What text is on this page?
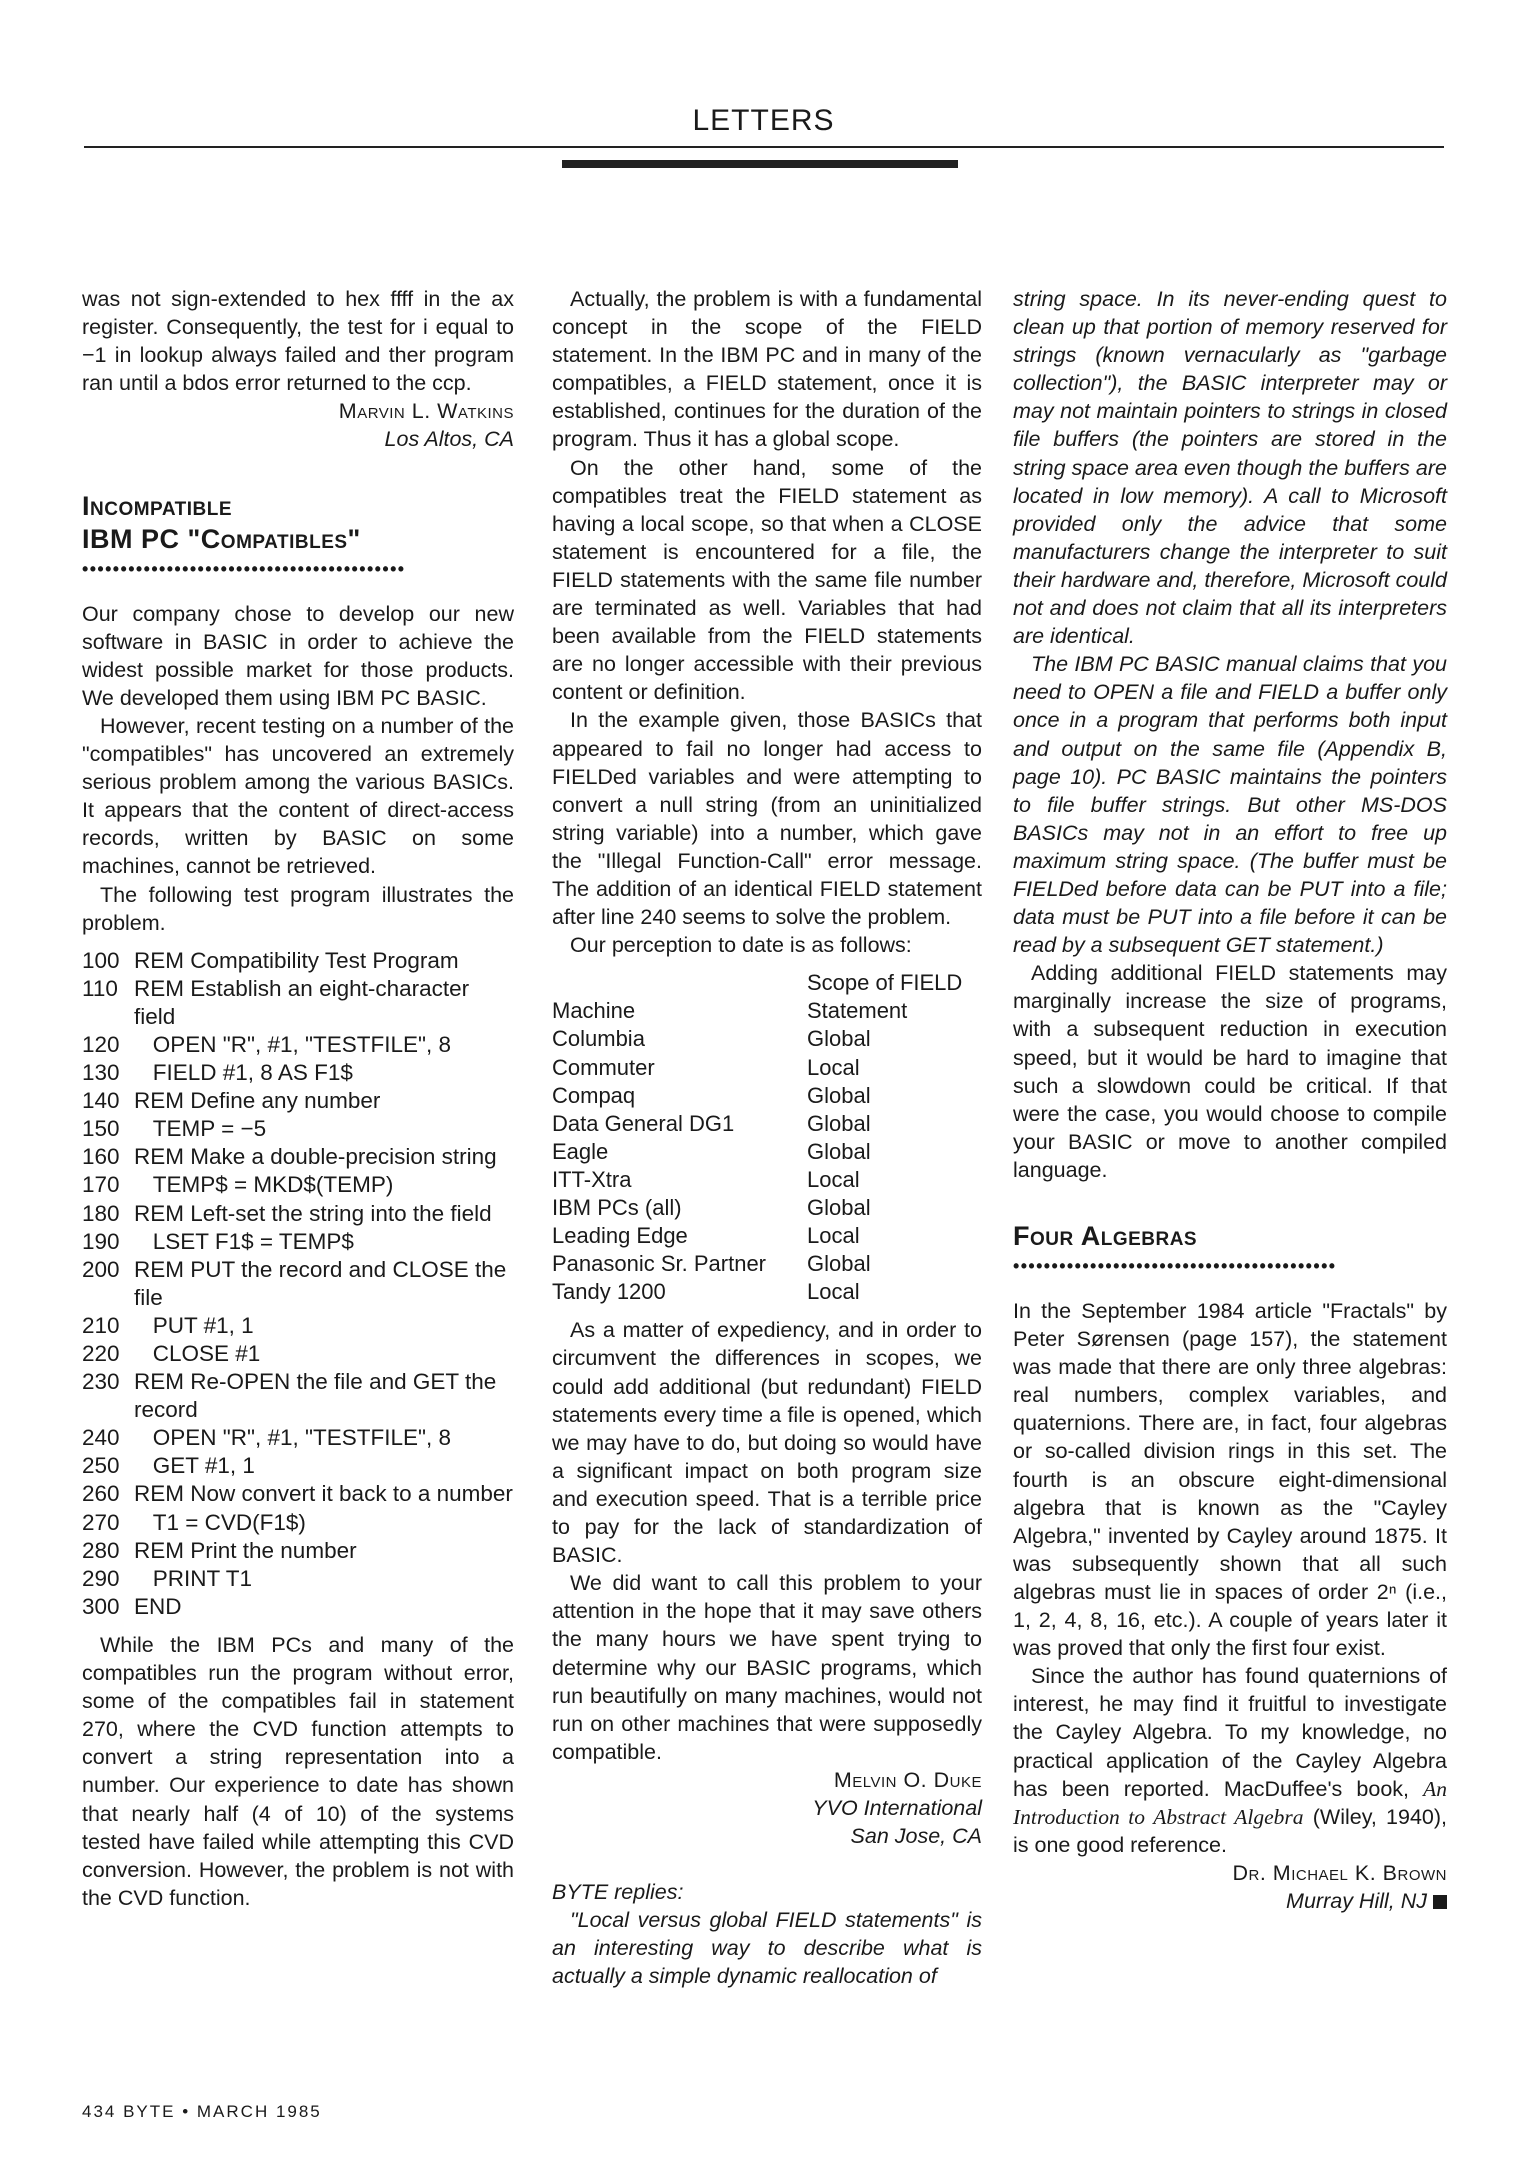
LETTERS

was not sign-extended to hex ffff in the ax register. Consequently, the test for i equal to −1 in lookup always failed and ther program ran until a bdos error returned to the ccp.

Marvin L. Watkins
Los Altos, CA
Incompatible
IBM PC "Compatibles"
••••••••••••••••••••••••••••••••••••••••••

Our company chose to develop our new software in BASIC in order to achieve the widest possible market for those products. We developed them using IBM PC BASIC.

However, recent testing on a number of the "compatibles" has uncovered an extremely serious problem among the various BASICs. It appears that the content of direct-access records, written by BASIC on some machines, cannot be retrieved.

The following test program illustrates the problem.

100 REM Compatibility Test Program
110 REM Establish an eight-character field
120 OPEN "R", #1, "TESTFILE", 8
130 FIELD #1, 8 AS F1$
140 REM Define any number
150 TEMP = −5
160 REM Make a double-precision string
170 TEMP$ = MKD$(TEMP)
180 REM Left-set the string into the field
190 LSET F1$ = TEMP$
200 REM PUT the record and CLOSE the file
210 PUT #1, 1
220 CLOSE #1
230 REM Re-OPEN the file and GET the record
240 OPEN "R", #1, "TESTFILE", 8
250 GET #1, 1
260 REM Now convert it back to a number
270 T1 = CVD(F1$)
280 REM Print the number
290 PRINT T1
300 END

While the IBM PCs and many of the compatibles run the program without error, some of the compatibles fail in statement 270, where the CVD function attempts to convert a string representation into a number. Our experience to date has shown that nearly half (4 of 10) of the systems tested have failed while attempting this CVD conversion. However, the problem is not with the CVD function.

Actually, the problem is with a fundamental concept in the scope of the FIELD statement. In the IBM PC and in many of the compatibles, a FIELD statement, once it is established, continues for the duration of the program. Thus it has a global scope.

On the other hand, some of the compatibles treat the FIELD statement as having a local scope, so that when a CLOSE statement is encountered for a file, the FIELD statements with the same file number are terminated as well. Variables that had been available from the FIELD statements are no longer accessible with their previous content or definition.

In the example given, those BASICs that appeared to fail no longer had access to FIELDed variables and were attempting to convert a null string (from an uninitialized string variable) into a number, which gave the "Illegal Function-Call" error message. The addition of an identical FIELD statement after line 240 seems to solve the problem.

Our perception to date is as follows:

Machine	Scope of FIELD
Statement

Columbia	Global
Commuter	Local
Compaq	Global
Data General DG1	Global
Eagle	Global
ITT-Xtra	Local
IBM PCs (all)	Global
Leading Edge	Local
Panasonic Sr. Partner	Global
Tandy 1200	Local

As a matter of expediency, and in order to circumvent the differences in scopes, we could add additional (but redundant) FIELD statements every time a file is opened, which we may have to do, but doing so would have a significant impact on both program size and execution speed. That is a terrible price to pay for the lack of standardization of BASIC.

We did want to call this problem to your attention in the hope that it may save others the many hours we have spent trying to determine why our BASIC programs, which run beautifully on many machines, would not run on other machines that were supposedly compatible.

Melvin O. Duke
YVO International
San Jose, CA

BYTE replies:

"Local versus global FIELD statements" is an interesting way to describe what is actually a simple dynamic reallocation of

string space. In its never-ending quest to clean up that portion of memory reserved for strings (known vernacularly as "garbage collection"), the BASIC interpreter may or may not maintain pointers to strings in closed file buffers (the pointers are stored in the string space area even though the buffers are located in low memory). A call to Microsoft provided only the advice that some manufacturers change the interpreter to suit their hardware and, therefore, Microsoft could not and does not claim that all its interpreters are identical.

The IBM PC BASIC manual claims that you need to OPEN a file and FIELD a buffer only once in a program that performs both input and output on the same file (Appendix B, page 10). PC BASIC maintains the pointers to file buffer strings. But other MS-DOS BASICs may not in an effort to free up maximum string space. (The buffer must be FIELDed before data can be PUT into a file; data must be PUT into a file before it can be read by a subsequent GET statement.)

Adding additional FIELD statements may marginally increase the size of programs, with a subsequent reduction in execution speed, but it would be hard to imagine that such a slowdown could be critical. If that were the case, you would choose to compile your BASIC or move to another compiled language.

Four Algebras
••••••••••••••••••••••••••••••••••••••••••

In the September 1984 article "Fractals" by Peter Sørensen (page 157), the statement was made that there are only three algebras: real numbers, complex variables, and quaternions. There are, in fact, four algebras or so-called division rings in this set. The fourth is an obscure eight-dimensional algebra that is known as the "Cayley Algebra," invented by Cayley around 1875. It was subsequently shown that all such algebras must lie in spaces of order 2ⁿ (i.e., 1, 2, 4, 8, 16, etc.). A couple of years later it was proved that only the first four exist.

Since the author has found quaternions of interest, he may find it fruitful to investigate the Cayley Algebra. To my knowledge, no practical application of the Cayley Algebra has been reported. MacDuffee's book, An Introduction to Abstract Algebra (Wiley, 1940), is one good reference.

Dr. Michael K. Brown
Murray Hill, NJ
434 BYTE • MARCH 1985
